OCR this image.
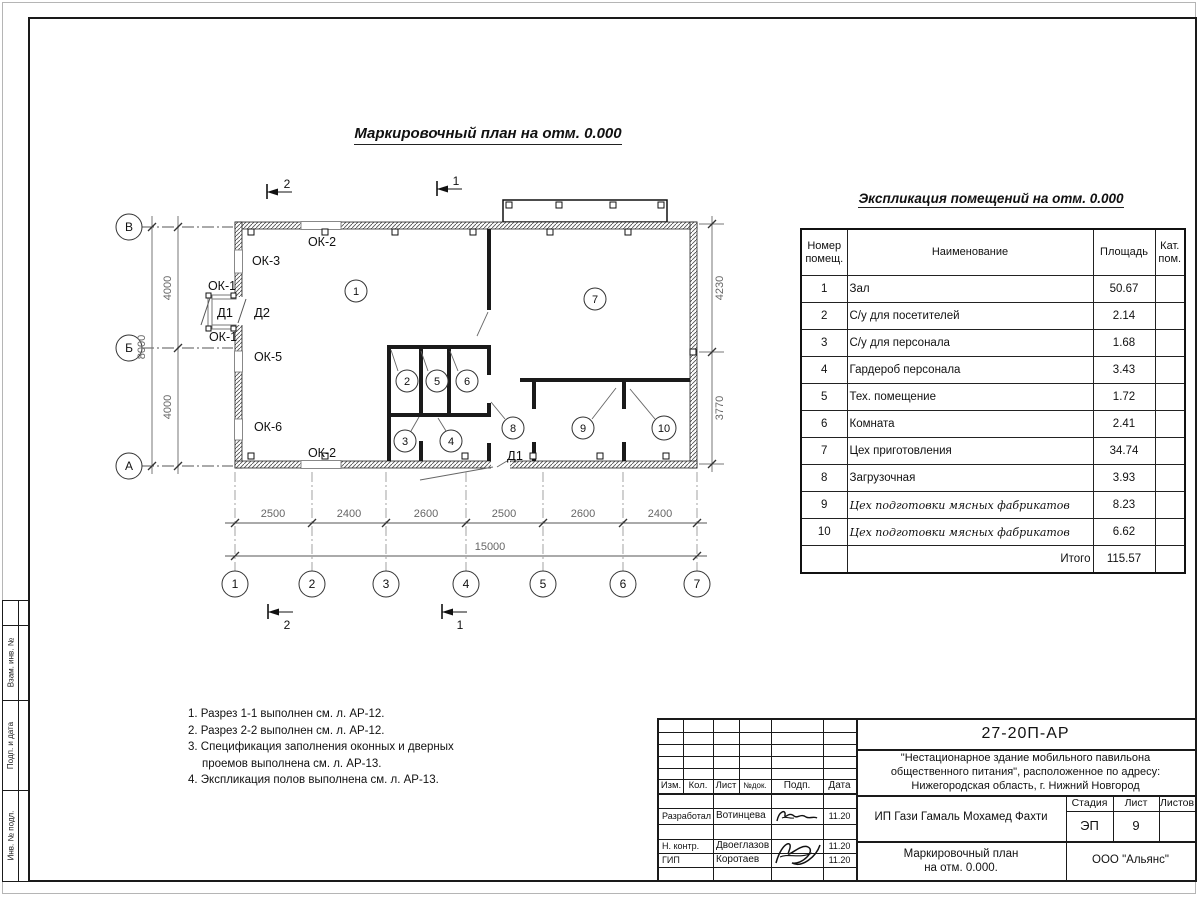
В
Б
А
4000
4000
8000
4230
3770
1
2
3	4
5 6
7
8	9	10
ОК-2
ОК-3
ОК-1
Д1 Д2
ОК-1
ОК-5
ОК-6
ОК-2	Д1
2	1
2	1
2500	2400	2600	2500	2600	2400
15000
1	2	3	4	5	6	7
Маркировочный план на отм. 0.000
Экспликация помещений на отм. 0.000
Номер помещ.	Наименование	Площадь	Кат. пом.
1	Зал	50.67	
2	С/у для посетителей	2.14	
3	С/у для персонала	1.68	
4	Гардероб персонала	3.43	
5	Тех. помещение	1.72	
6	Комната	2.41	
7	Цех приготовления	34.74	
8	Загрузочная	3.93	
9	Цех подготовки мясных фабрикатов	8.23	
10	Цех подготовки мясных фабрикатов	6.62	
	Итого	115.57	
1. Разрез 1-1 выполнен см. л. АР-12.
2. Разрез 2-2 выполнен см. л. АР-12.
3. Спецификация заполнения оконных и дверных
проемов выполнена см. л. АР-13.
4. Экспликация полов выполнена см. л. АР-13.
Взам. инв. №
Подп. и дата
Инв. № подл.
Изм. Кол. Лист №док.	Подп.	Дата
Разработал Вотинцева	11.20
Н. контр.	Двоеглазов	11.20
ГИП	Коротаев	11.20
27-20П-АР
"Нестационарное здание мобильного павильона
общественного питания", расположенное по адресу:
Нижегородская область, г. Нижний Новгород
ИП Гази Гамаль Мохамед Фахти
Стадия	Лист	Листов
ЭП	9
Маркировочный план
на отм. 0.000.
ООО "Альянс"
